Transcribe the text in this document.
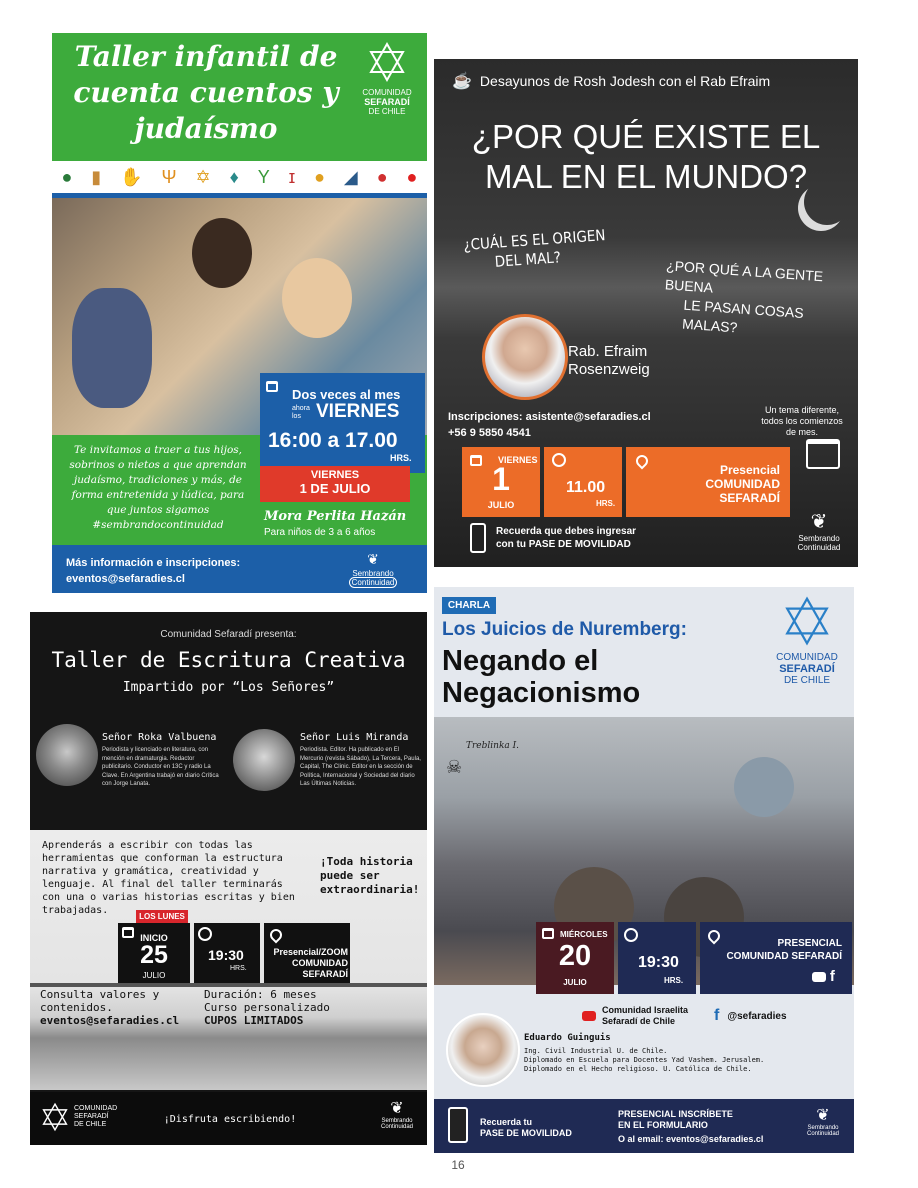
Taller infantil de
cuenta cuentos y
judaísmo
COMUNIDAD
SEFARADÍ
DE CHILE
● ▮ ✋ Ψ ✡ ♦ Y ɪ ● ◢ ● ●
Dos veces al mes
ahora
los VIERNES
16:00 a 17.00
HRS.
VIERNES
1 DE JULIO
Te invitamos a traer a tus hijos, sobrinos o nietos a que aprendan judaísmo, tradiciones y más, de forma entretenida y lúdica, para que juntos sigamos #sembrandocontinuidad
Mora Perlita Hazán
Para niños de 3 a 6 años
Más información e inscripciones:
eventos@sefaradies.cl
❦
Sembrando Continuidad
☕ Desayunos de Rosh Jodesh con el Rab Efraim
¿POR QUÉ EXISTE EL
MAL EN EL MUNDO?
¿CUÁL ES EL ORIGEN
DEL MAL?	¿POR QUÉ A LA GENTE BUENA
LE PASAN COSAS MALAS?
Rab. Efraim
Rosenzweig
Inscripciones: asistente@sefaradies.cl
+56 9 5850 4541
Un tema diferente,
todos los comienzos
de mes.
VIERNES
1
JULIO
11.00
HRS.
Presencial
COMUNIDAD
SEFARADÍ
Recuerda que debes ingresar
con tu PASE DE MOVILIDAD
❦
Sembrando
Continuidad
Comunidad Sefaradí presenta:
Taller de Escritura Creativa
Impartido por “Los Señores”
Señor Roka Valbuena
Periodista y licenciado en literatura, con mención en dramaturgia. Redactor publicitario. Conductor en 13C y radio La Clave. En Argentina trabajó en diario Crítica con Jorge Lanata.
Señor Luis Miranda
Periodista. Editor. Ha publicado en El Mercurio (revista Sábado), La Tercera, Paula, Capital, The Clinic. Editor en la sección de Política, Internacional y Sociedad del diario Las Últimas Noticias.
Aprenderás a escribir con todas las herramientas que conforman la estructura narrativa y gramática, creatividad y lenguaje. Al final del taller terminarás con una o varias historias escritas y bien trabajadas.
¡Toda historia puede ser extraordinaria!
LOS LUNES
INICIO
25
JULIO
19:30
HRS.
Presencial/ZOOM
COMUNIDAD
SEFARADÍ
Consulta valores y
contenidos.
eventos@sefaradies.cl
Duración: 6 meses
Curso personalizado
CUPOS LIMITADOS
COMUNIDAD
SEFARADÍ
DE CHILE	¡Disfruta escribiendo!
❦
Sembrando
Continuidad
CHARLA
Los Juicios de Nuremberg:
Negando el
Negacionismo
COMUNIDAD
SEFARADÍ
DE CHILE
Treblinka I.
☠
MIÉRCOLES
20
JULIO
19:30
HRS.
PRESENCIAL
COMUNIDAD SEFARADÍ
f
Comunidad Israelita
Sefaradí de Chile	f @sefaradies
Eduardo Guinguis
Ing. Civil Industrial U. de Chile.
Diplomado en Escuela para Docentes Yad Vashem. Jerusalem.
Diplomado en el Hecho religioso. U. Católica de Chile.
Recuerda tu
PASE DE MOVILIDAD
PRESENCIAL INSCRÍBETE
EN EL FORMULARIO
O al email: eventos@sefaradies.cl
❦
Sembrando
Continuidad
16
